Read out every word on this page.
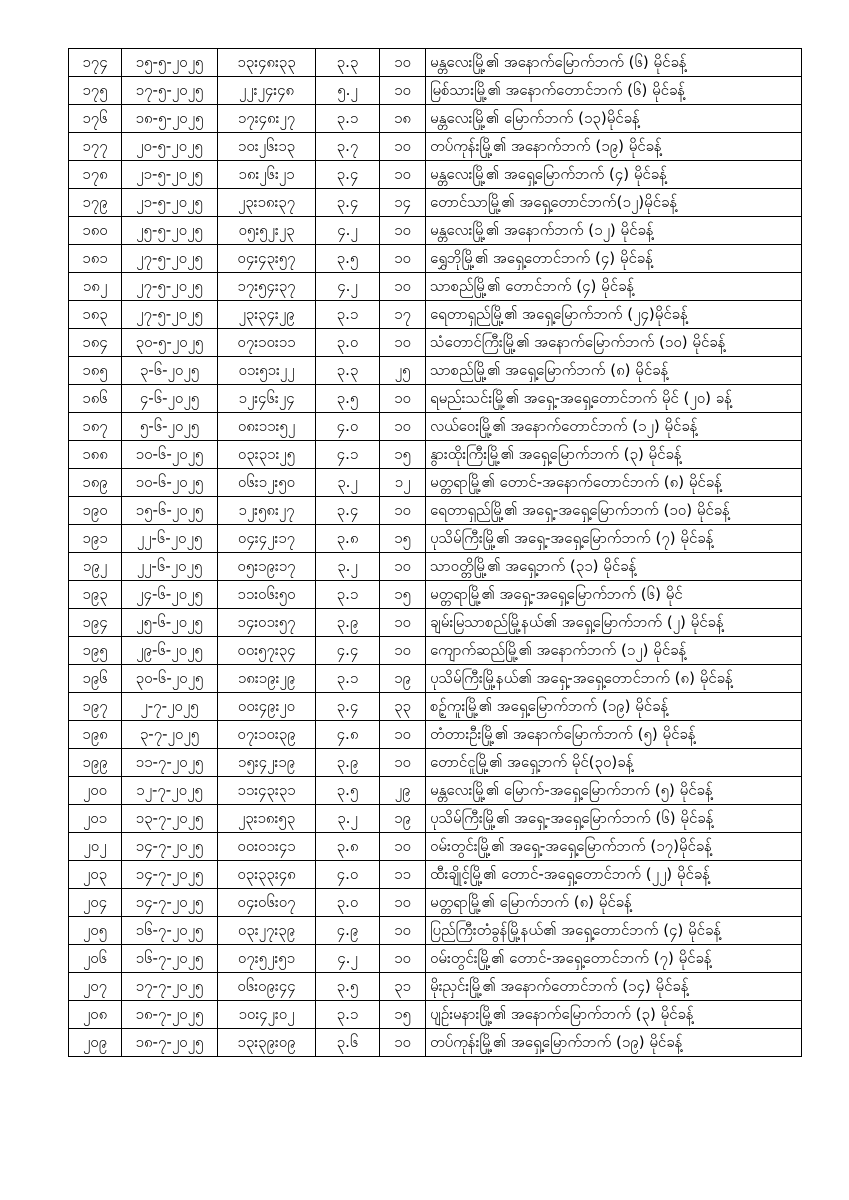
၁၇၄	၁၅-၅-၂၀၂၅	၁၃း၄၈း၃၃	၃.၃	၁၀	မန္တလေးမြို့၏ အနောက်မြောက်ဘက် (၆) မိုင်ခန့်
၁၇၅	၁၇-၅-၂၀၂၅	၂၂း၂၄း၄၈	၅.၂	၁၀	မြစ်သားမြို့၏ အနောက်တောင်ဘက် (၆) မိုင်ခန့်
၁၇၆	၁၈-၅-၂၀၂၅	၁၇း၄၈း၂၇	၃.၁	၁၈	မန္တလေးမြို့၏ မြောက်ဘက် (၁၃)မိုင်ခန့်
၁၇၇	၂၀-၅-၂၀၂၅	၁၀း၂၆း၁၃	၃.၇	၁၀	တပ်ကုန်းမြို့၏ အနောက်ဘက် (၁၉) မိုင်ခန့်
၁၇၈	၂၁-၅-၂၀၂၅	၁၈း၂၆း၂၁	၃.၄	၁၀	မန္တလေးမြို့၏ အရှေ့မြောက်ဘက် (၄) မိုင်ခန့်
၁၇၉	၂၁-၅-၂၀၂၅	၂၃း၁၈း၃၇	၃.၄	၁၄	တောင်သာမြို့၏ အရှေ့တောင်ဘက်(၁၂)မိုင်ခန့်
၁၈၀	၂၅-၅-၂၀၂၅	၀၅း၅၂း၂၃	၄.၂	၁၀	မန္တလေးမြို့၏ အနောက်ဘက် (၁၂) မိုင်ခန့်
၁၈၁	၂၇-၅-၂၀၂၅	၀၄း၄၃း၅၇	၃.၅	၁၀	ရွှေဘိုမြို့၏ အရှေ့တောင်ဘက် (၄) မိုင်ခန့်
၁၈၂	၂၇-၅-၂၀၂၅	၁၇း၅၄း၃၇	၄.၂	၁၀	သာစည်မြို့၏ တောင်ဘက် (၄) မိုင်ခန့်
၁၈၃	၂၇-၅-၂၀၂၅	၂၃း၃၄း၂၉	၃.၁	၁၇	ရေတာရှည်မြို့၏ အရှေ့မြောက်ဘက် (၂၄)မိုင်ခန့်
၁၈၄	၃၀-၅-၂၀၂၅	၀၇း၁၀း၁၁	၃.၀	၁၀	သံတောင်ကြီးမြို့၏ အနောက်မြောက်ဘက် (၁၀) မိုင်ခန့်
၁၈၅	၃-၆-၂၀၂၅	၀၁း၅၁း၂၂	၃.၃	၂၅	သာစည်မြို့၏ အရှေ့မြောက်ဘက် (၈) မိုင်ခန့်
၁၈၆	၄-၆-၂၀၂၅	၁၂း၄၆း၂၄	၃.၅	၁၀	ရမည်းသင်းမြို့၏ အရှေ့-အရှေ့တောင်ဘက် မိုင် (၂၀) ခန့်
၁၈၇	၅-၆-၂၀၂၅	၀၈း၁၁း၅၂	၄.၀	၁၀	လယ်ဝေးမြို့၏ အနောက်တောင်ဘက် (၁၂) မိုင်ခန့်
၁၈၈	၁၀-၆-၂၀၂၅	၀၃း၃၁း၂၅	၄.၁	၁၅	နွားထိုးကြီးမြို့၏ အရှေ့မြောက်ဘက် (၃) မိုင်ခန့်
၁၈၉	၁၀-၆-၂၀၂၅	၀၆း၁၂း၅၀	၃.၂	၁၂	မတ္တရာမြို့၏ တောင်-အနောက်တောင်ဘက် (၈) မိုင်ခန့်
၁၉၀	၁၅-၆-၂၀၂၅	၁၂း၅၈း၂၇	၃.၄	၁၀	ရေတာရှည်မြို့၏ အရှေ့-အရှေ့မြောက်ဘက် (၁၀) မိုင်ခန့်
၁၉၁	၂၂-၆-၂၀၂၅	၀၄း၄၂း၁၇	၃.၈	၁၅	ပုသိမ်ကြီးမြို့၏ အရှေ့-အရှေ့မြောက်ဘက် (၇) မိုင်ခန့်
၁၉၂	၂၂-၆-၂၀၂၅	၀၅း၁၉း၁၇	၃.၂	၁၀	သာဝတ္တိမြို့၏ အရှေ့ဘက် (၃၁) မိုင်ခန့်
၁၉၃	၂၄-၆-၂၀၂၅	၁၁း၀၆း၅၀	၃.၁	၁၅	မတ္တရာမြို့၏ အရှေ့-အရှေ့မြောက်ဘက် (၆) မိုင်
၁၉၄	၂၅-၆-၂၀၂၅	၁၄း၀၁း၅၇	၃.၉	၁၀	ချမ်းမြသာစည်မြို့နယ်၏ အရှေ့မြောက်ဘက် (၂) မိုင်ခန့်
၁၉၅	၂၉-၆-၂၀၂၅	၀၀း၅၇း၃၄	၄.၄	၁၀	ကျောက်ဆည်မြို့၏ အနောက်ဘက် (၁၂) မိုင်ခန့်
၁၉၆	၃၀-၆-၂၀၂၅	၁၈း၁၉း၂၉	၃.၁	၁၉	ပုသိမ်ကြီးမြို့နယ်၏ အရှေ့-အရှေ့တောင်ဘက် (၈) မိုင်ခန့်
၁၉၇	၂-၇-၂၀၂၅	၀၀း၄၉း၂၀	၃.၄	၃၃	စဉ့်ကူးမြို့၏ အရှေ့မြောက်ဘက် (၁၉) မိုင်ခန့်
၁၉၈	၃-၇-၂၀၂၅	၀၇း၁၀း၃၉	၄.၈	၁၀	တံတားဦးမြို့၏ အနောက်မြောက်ဘက် (၅) မိုင်ခန့်
၁၉၉	၁၁-၇-၂၀၂၅	၁၅း၄၂း၁၉	၃.၉	၁၀	တောင်ငူမြို့၏ အရှေ့ဘက် မိုင်(၃၀)ခန့်
၂၀၀	၁၂-၇-၂၀၂၅	၁၁း၄၃း၃၁	၃.၅	၂၉	မန္တလေးမြို့၏ မြောက်-အရှေ့မြောက်ဘက် (၅) မိုင်ခန့်
၂၀၁	၁၃-၇-၂၀၂၅	၂၃း၁၈း၅၃	၃.၂	၁၉	ပုသိမ်ကြီးမြို့၏ အရှေ့-အရှေ့မြောက်ဘက် (၆) မိုင်ခန့်
၂၀၂	၁၄-၇-၂၀၂၅	၀၀း၀၁း၄၁	၃.၈	၁၀	ဝမ်းတွင်းမြို့၏ အရှေ့-အရှေ့မြောက်ဘက် (၁၇)မိုင်ခန့်
၂၀၃	၁၄-၇-၂၀၂၅	၀၃း၃၃း၄၈	၄.၀	၁၁	ထီးချိုင့်မြို့၏ တောင်-အရှေ့တောင်ဘက် (၂၂) မိုင်ခန့်
၂၀၄	၁၄-၇-၂၀၂၅	၀၄း၀၆း၀၇	၃.၀	၁၀	မတ္တရာမြို့၏ မြောက်ဘက် (၈) မိုင်ခန့်
၂၀၅	၁၆-၇-၂၀၂၅	၀၃း၂၇း၃၉	၄.၉	၁၀	ပြည်ကြီးတံခွန်မြို့နယ်၏ အရှေ့တောင်ဘက် (၄) မိုင်ခန့်
၂၀၆	၁၆-၇-၂၀၂၅	၀၇း၅၂း၅၁	၄.၂	၁၀	ဝမ်းတွင်းမြို့၏ တောင်-အရှေ့တောင်ဘက် (၇) မိုင်ခန့်
၂၀၇	၁၇-၇-၂၀၂၅	၀၆း၀၉း၄၄	၃.၅	၃၁	မိုးညှင်းမြို့၏ အနောက်တောင်ဘက် (၁၄) မိုင်ခန့်
၂၀၈	၁၈-၇-၂၀၂၅	၁၀း၄၂း၀၂	၃.၁	၁၅	ပျဉ်းမနားမြို့၏ အနောက်မြောက်ဘက် (၃) မိုင်ခန့်
၂၀၉	၁၈-၇-၂၀၂၅	၁၃း၃၉း၀၉	၃.၆	၁၀	တပ်ကုန်းမြို့၏ အရှေ့မြောက်ဘက် (၁၉) မိုင်ခန့်
